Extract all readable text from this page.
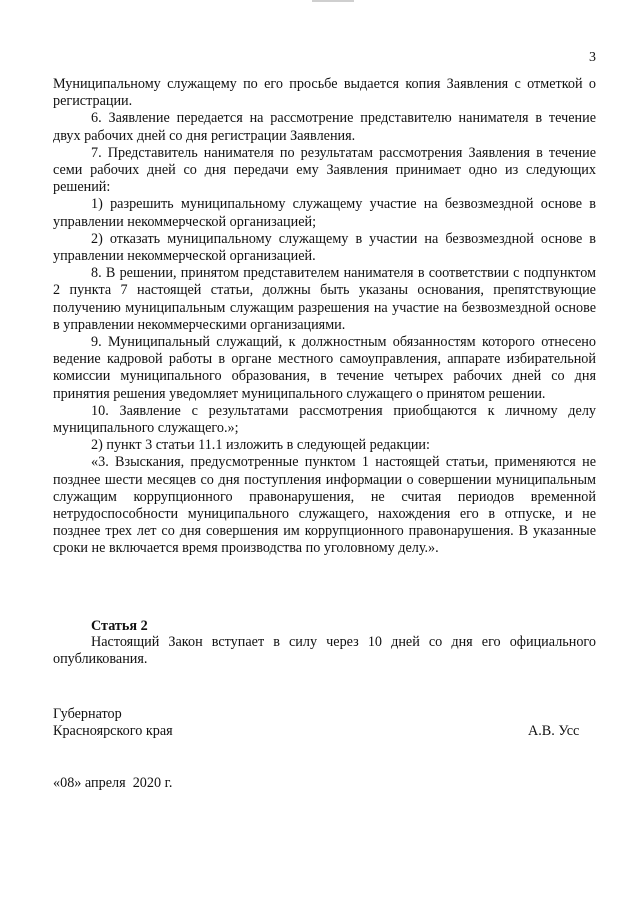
3

Муниципальному служащему по его просьбе выдается копия Заявления с отметкой о регистрации.

6. Заявление передается на рассмотрение представителю нанимателя в течение двух рабочих дней со дня регистрации Заявления.

7. Представитель нанимателя по результатам рассмотрения Заявления в течение семи рабочих дней со дня передачи ему Заявления принимает одно из следующих решений:

1) разрешить муниципальному служащему участие на безвозмездной основе в управлении некоммерческой организацией;

2) отказать муниципальному служащему в участии на безвозмездной основе в управлении некоммерческой организацией.

8. В решении, принятом представителем нанимателя в соответствии с подпунктом 2 пункта 7 настоящей статьи, должны быть указаны основания, препятствующие получению муниципальным служащим разрешения на участие на безвозмездной основе в управлении некоммерческими организациями.

9. Муниципальный служащий, к должностным обязанностям которого отнесено ведение кадровой работы в органе местного самоуправления, аппарате избирательной комиссии муниципального образования, в течение четырех рабочих дней со дня принятия решения уведомляет муниципального служащего о принятом решении.

10. Заявление с результатами рассмотрения приобщаются к личному делу муниципального служащего.»;

2) пункт 3 статьи 11.1 изложить в следующей редакции:

«3. Взыскания, предусмотренные пунктом 1 настоящей статьи, применяются не позднее шести месяцев со дня поступления информации о совершении муниципальным служащим коррупционного правонарушения, не считая периодов временной нетрудоспособности муниципального служащего, нахождения его в отпуске, и не позднее трех лет со дня совершения им коррупционного правонарушения. В указанные сроки не включается время производства по уголовному делу.».

Статья 2

Настоящий Закон вступает в силу через 10 дней со дня его официального опубликования.

Губернатор
Красноярского края	А.В. Усс
«08» апреля  2020 г.
